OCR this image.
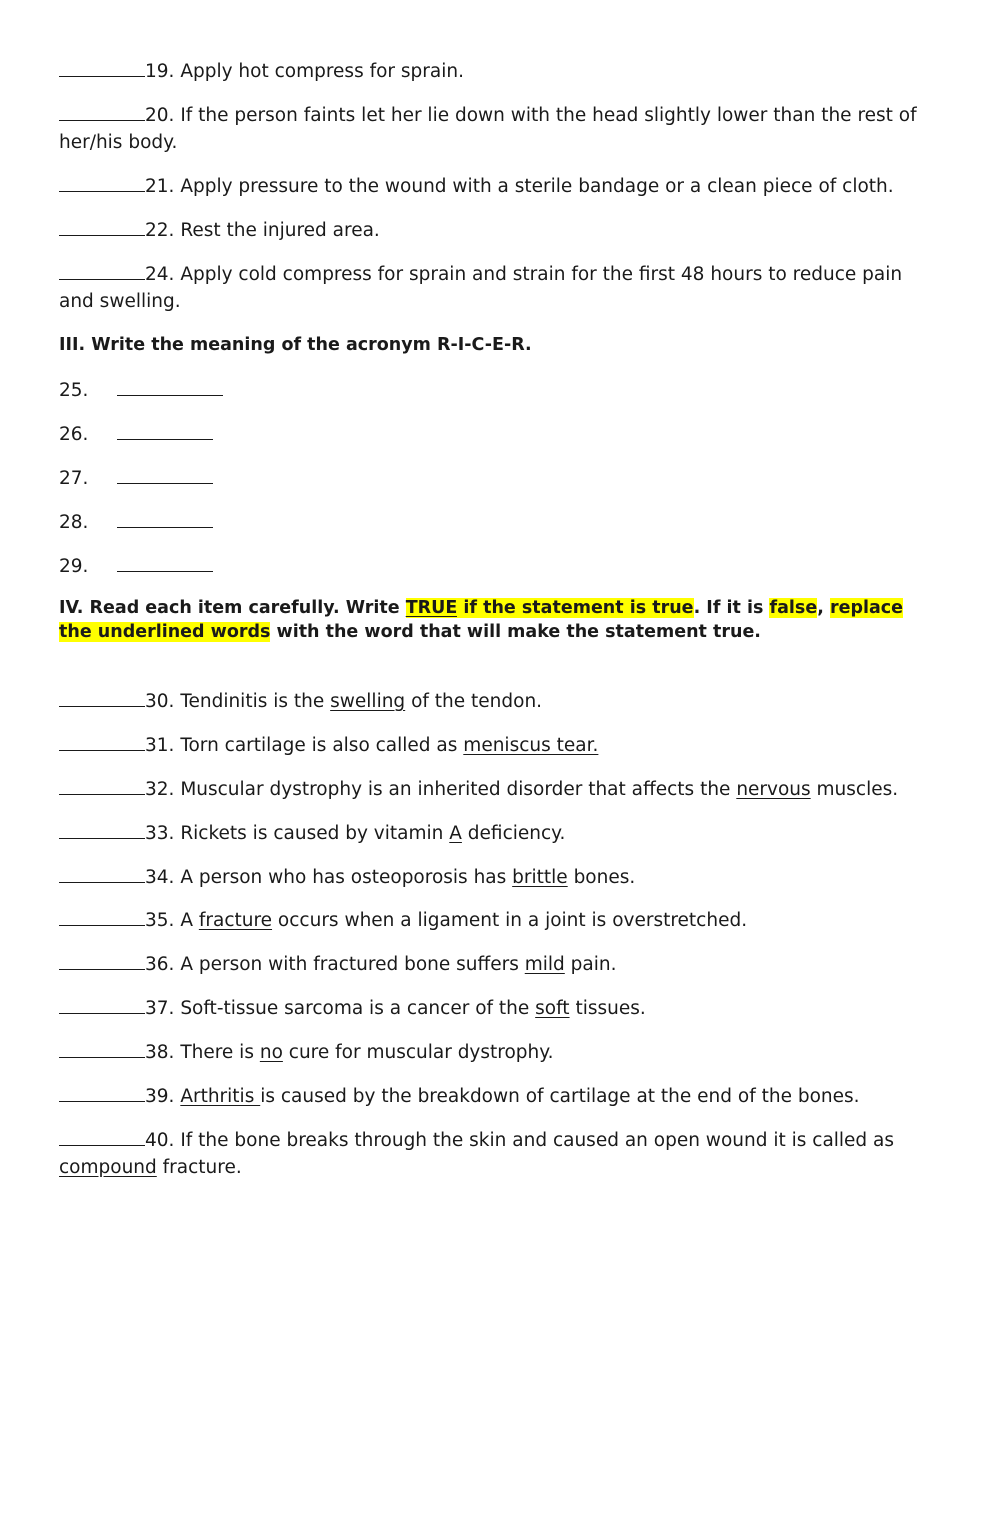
19. Apply hot compress for sprain.
20. If the person faints let her lie down with the head slightly lower than the rest of her/his body.
21. Apply pressure to the wound with a sterile bandage or a clean piece of cloth.
22. Rest the injured area.
24. Apply cold compress for sprain and strain for the first 48 hours to reduce pain and swelling.
III. Write the meaning of the acronym R-I-C-E-R.
25.
26.
27.
28.
29.
IV. Read each item carefully. Write TRUE if the statement is true. If it is false, replace the underlined words with the word that will make the statement true.
30. Tendinitis is the swelling of the tendon.
31. Torn cartilage is also called as meniscus tear.
32. Muscular dystrophy is an inherited disorder that affects the nervous muscles.
33. Rickets is caused by vitamin A deficiency.
34. A person who has osteoporosis has brittle bones.
35. A fracture occurs when a ligament in a joint is overstretched.
36. A person with fractured bone suffers mild pain.
37. Soft-tissue sarcoma is a cancer of the soft tissues.
38. There is no cure for muscular dystrophy.
39. Arthritis is caused by the breakdown of cartilage at the end of the bones.
40. If the bone breaks through the skin and caused an open wound it is called as compound fracture.
